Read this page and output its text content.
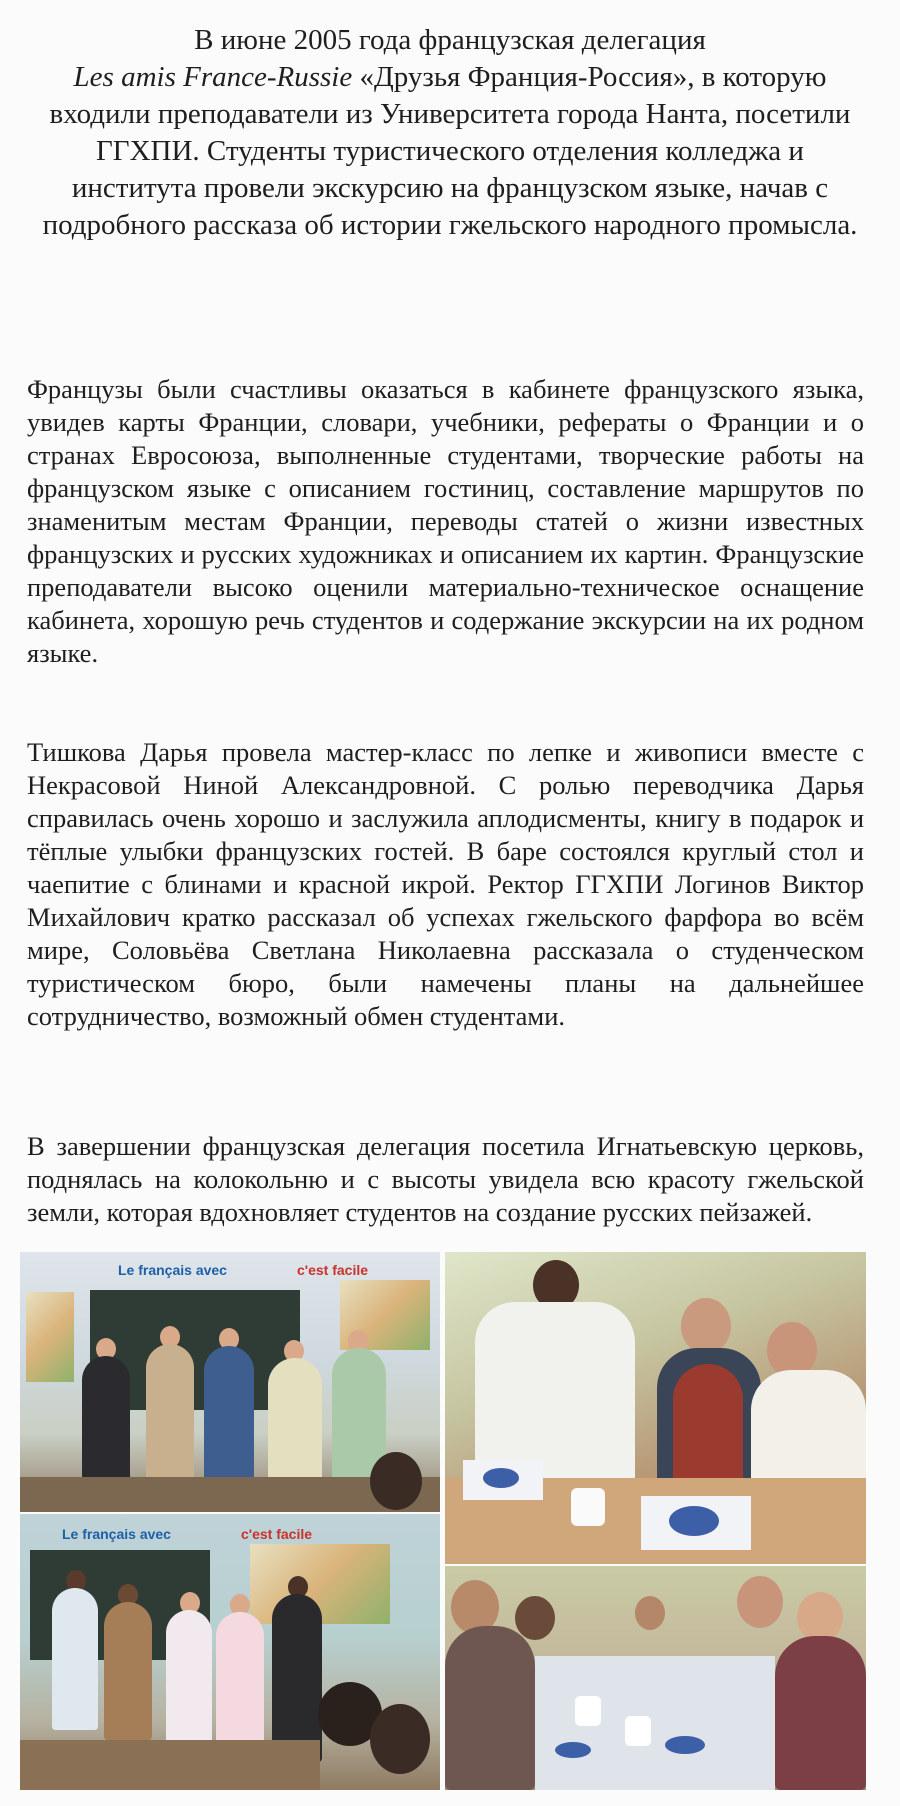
В июне 2005 года французская делегация
Les amis France-Russie «Друзья Франция-Россия», в которую входили преподаватели из Университета города Нанта, посетили ГГХПИ. Студенты туристического отделения колледжа и института провели экскурсию на французском языке, начав с подробного рассказа об истории гжельского народного промысла.

Французы были счастливы оказаться в кабинете французского языка, увидев карты Франции, словари, учебники, рефераты о Франции и о странах Евросоюза, выполненные студентами, творческие работы на французском языке с описанием гостиниц, составление маршрутов по знаменитым местам Франции, переводы статей о жизни известных французских и русских художниках и описанием их картин. Французские преподаватели высоко оценили материально-техническое оснащение кабинета, хорошую речь студентов и содержание экскурсии на их родном языке.

Тишкова Дарья провела мастер-класс по лепке и живописи вместе с Некрасовой Ниной Александровной. С ролью переводчика Дарья справилась очень хорошо и заслужила аплодисменты, книгу в подарок и тёплые улыбки французских гостей. В баре состоялся круглый стол и чаепитие с блинами и красной икрой. Ректор ГГХПИ Логинов Виктор Михайлович кратко рассказал об успехах гжельского фарфора во всём мире, Соловьёва Светлана Николаевна рассказала о студенческом туристическом бюро, были намечены планы на дальнейшее сотрудничество, возможный обмен студентами.

В завершении французская делегация посетила Игнатьевскую церковь, поднялась на колокольню и с высоты увидела всю красоту гжельской земли, которая вдохновляет студентов на создание русских пейзажей.

Le français avec	c'est facile
Le français avec	c'est facile
